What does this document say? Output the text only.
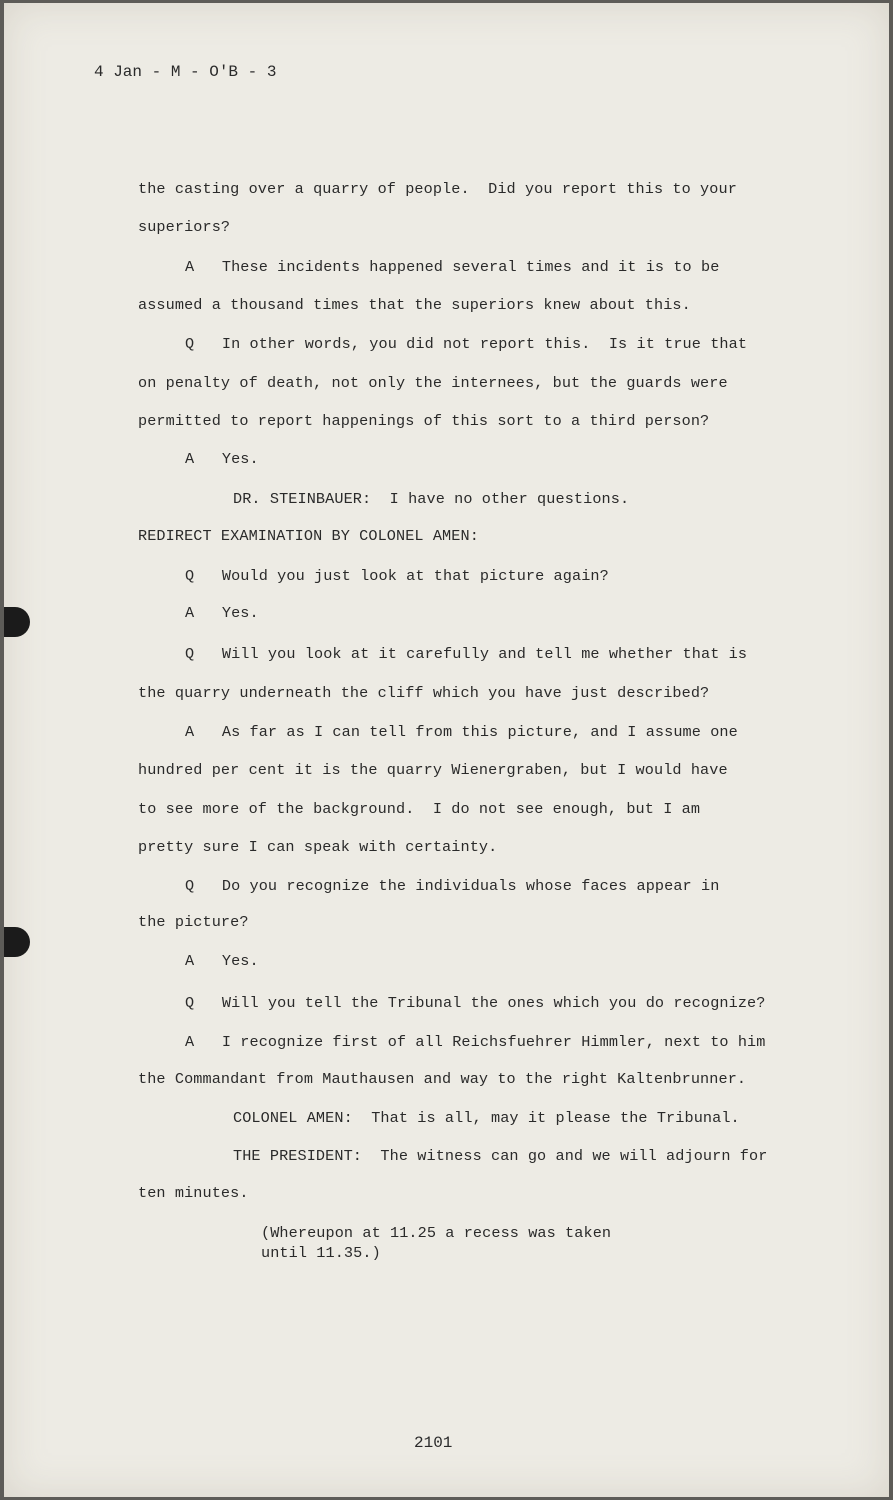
4 Jan - M - O'B - 3
the casting over a quarry of people.  Did you report this to your
superiors?
A   These incidents happened several times and it is to be
assumed a thousand times that the superiors knew about this.
Q   In other words, you did not report this.  Is it true that
on penalty of death, not only the internees, but the guards were
permitted to report happenings of this sort to a third person?
A   Yes.
DR. STEINBAUER:  I have no other questions.
REDIRECT EXAMINATION BY COLONEL AMEN:
Q   Would you just look at that picture again?
A   Yes.
Q   Will you look at it carefully and tell me whether that is
the quarry underneath the cliff which you have just described?
A   As far as I can tell from this picture, and I assume one
hundred per cent it is the quarry Wienergraben, but I would have
to see more of the background.  I do not see enough, but I am
pretty sure I can speak with certainty.
Q   Do you recognize the individuals whose faces appear in
the picture?
A   Yes.
Q   Will you tell the Tribunal the ones which you do recognize?
A   I recognize first of all Reichsfuehrer Himmler, next to him
the Commandant from Mauthausen and way to the right Kaltenbrunner.
COLONEL AMEN:  That is all, may it please the Tribunal.
THE PRESIDENT:  The witness can go and we will adjourn for
ten minutes.
(Whereupon at 11.25 a recess was taken
until 11.35.)
2101
